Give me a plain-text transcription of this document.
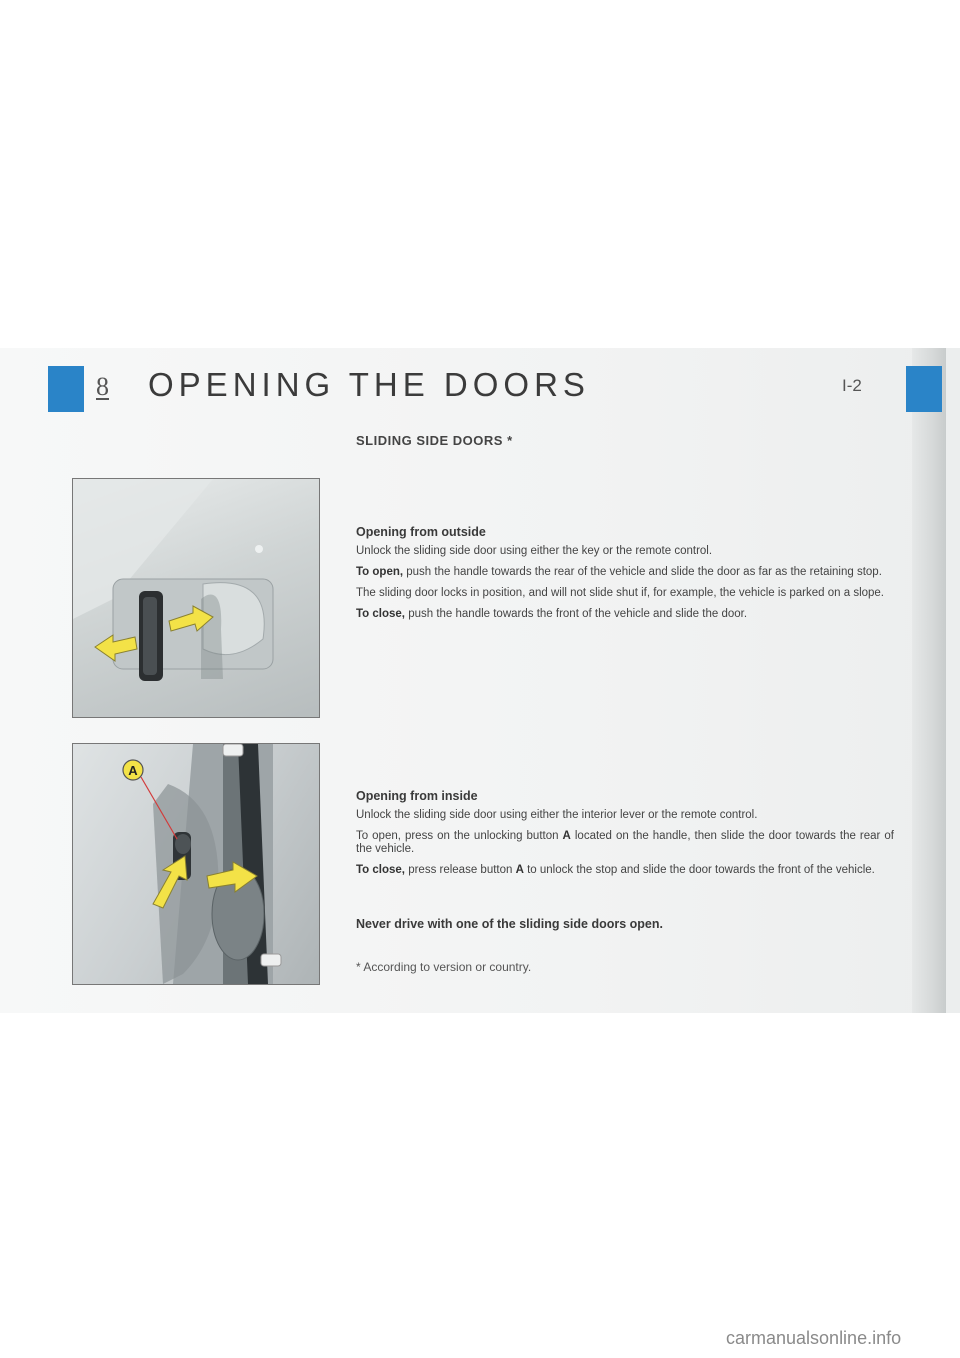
8 OPENING THE DOORS	I-2
SLIDING SIDE DOORS *
A
Opening from outside

Unlock the sliding side door using either the key or the remote control.

To open, push the handle towards the rear of the vehicle and slide the door as far as the retaining stop.

The sliding door locks in position, and will not slide shut if, for example, the vehicle is parked on a slope.

To close, push the handle towards the front of the vehicle and slide the door.

Opening from inside

Unlock the sliding side door using either the interior lever or the remote control.

To open, press on the unlocking button A located on the handle, then slide the door towards the rear of the vehicle.

To close, press release button A to unlock the stop and slide the door towards the front of the vehicle.

Never drive with one of the sliding side doors open.
* According to version or country.
carmanualsonline.info
